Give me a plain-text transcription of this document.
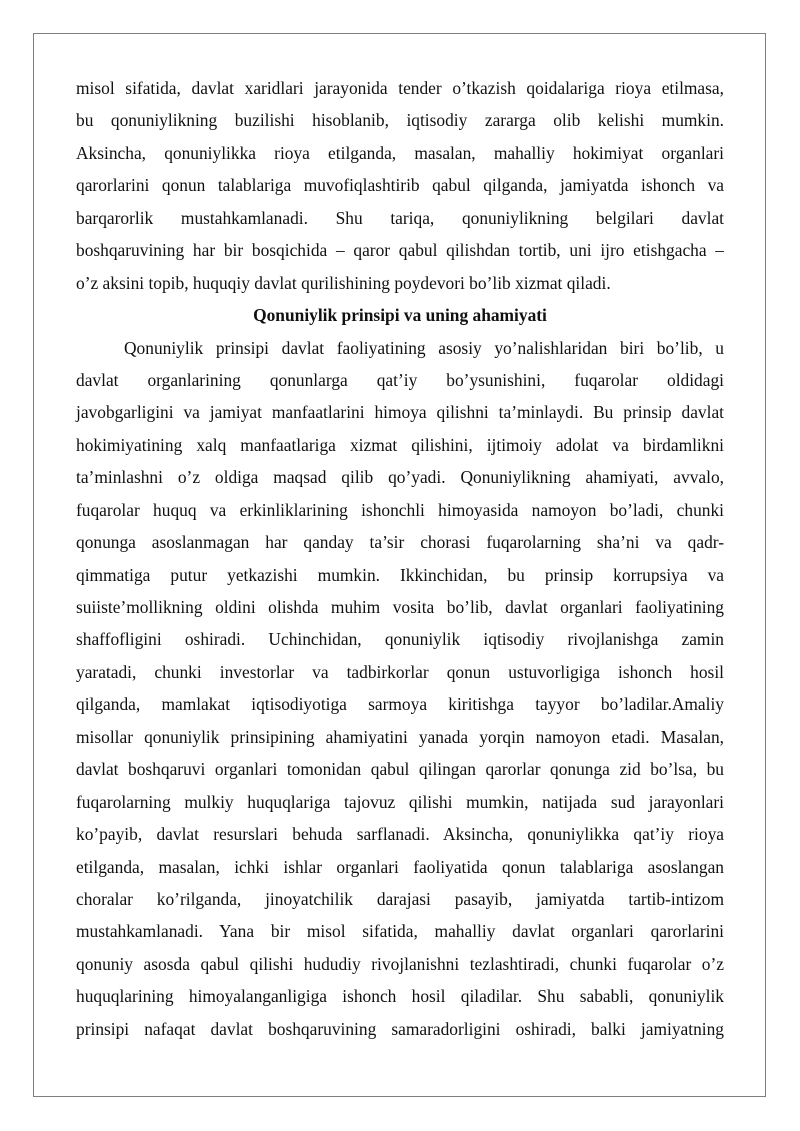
misol sifatida, davlat xaridlari jarayonida tender o’tkazish qoidalariga rioya etilmasa,
bu qonuniylikning buzilishi hisoblanib, iqtisodiy zararga olib kelishi mumkin.
Aksincha, qonuniylikka rioya etilganda, masalan, mahalliy hokimiyat organlari
qarorlarini qonun talablariga muvofiqlashtirib qabul qilganda, jamiyatda ishonch va
barqarorlik mustahkamlanadi. Shu tariqa, qonuniylikning belgilari davlat
boshqaruvining har bir bosqichida – qaror qabul qilishdan tortib, uni ijro etishgacha –
o’z aksini topib, huquqiy davlat qurilishining poydevori bo’lib xizmat qiladi.
Qonuniylik prinsipi va uning ahamiyati
Qonuniylik prinsipi davlat faoliyatining asosiy yo’nalishlaridan biri bo’lib, u
davlat organlarining qonunlarga qat’iy bo’ysunishini, fuqarolar oldidagi
javobgarligini va jamiyat manfaatlarini himoya qilishni ta’minlaydi. Bu prinsip davlat
hokimiyatining xalq manfaatlariga xizmat qilishini, ijtimoiy adolat va birdamlikni
ta’minlashni o’z oldiga maqsad qilib qo’yadi. Qonuniylikning ahamiyati, avvalo,
fuqarolar huquq va erkinliklarining ishonchli himoyasida namoyon bo’ladi, chunki
qonunga asoslanmagan har qanday ta’sir chorasi fuqarolarning sha’ni va qadr-
qimmatiga putur yetkazishi mumkin. Ikkinchidan, bu prinsip korrupsiya va
suiiste’mollikning oldini olishda muhim vosita bo’lib, davlat organlari faoliyatining
shaffofligini oshiradi. Uchinchidan, qonuniylik iqtisodiy rivojlanishga zamin
yaratadi, chunki investorlar va tadbirkorlar qonun ustuvorligiga ishonch hosil
qilganda, mamlakat iqtisodiyotiga sarmoya kiritishga tayyor bo’ladilar.Amaliy
misollar qonuniylik prinsipining ahamiyatini yanada yorqin namoyon etadi. Masalan,
davlat boshqaruvi organlari tomonidan qabul qilingan qarorlar qonunga zid bo’lsa, bu
fuqarolarning mulkiy huquqlariga tajovuz qilishi mumkin, natijada sud jarayonlari
ko’payib, davlat resurslari behuda sarflanadi. Aksincha, qonuniylikka qat’iy rioya
etilganda, masalan, ichki ishlar organlari faoliyatida qonun talablariga asoslangan
choralar ko’rilganda, jinoyatchilik darajasi pasayib, jamiyatda tartib-intizom
mustahkamlanadi. Yana bir misol sifatida, mahalliy davlat organlari qarorlarini
qonuniy asosda qabul qilishi hududiy rivojlanishni tezlashtiradi, chunki fuqarolar o’z
huquqlarining himoyalanganligiga ishonch hosil qiladilar. Shu sababli, qonuniylik
prinsipi nafaqat davlat boshqaruvining samaradorligini oshiradi, balki jamiyatning
